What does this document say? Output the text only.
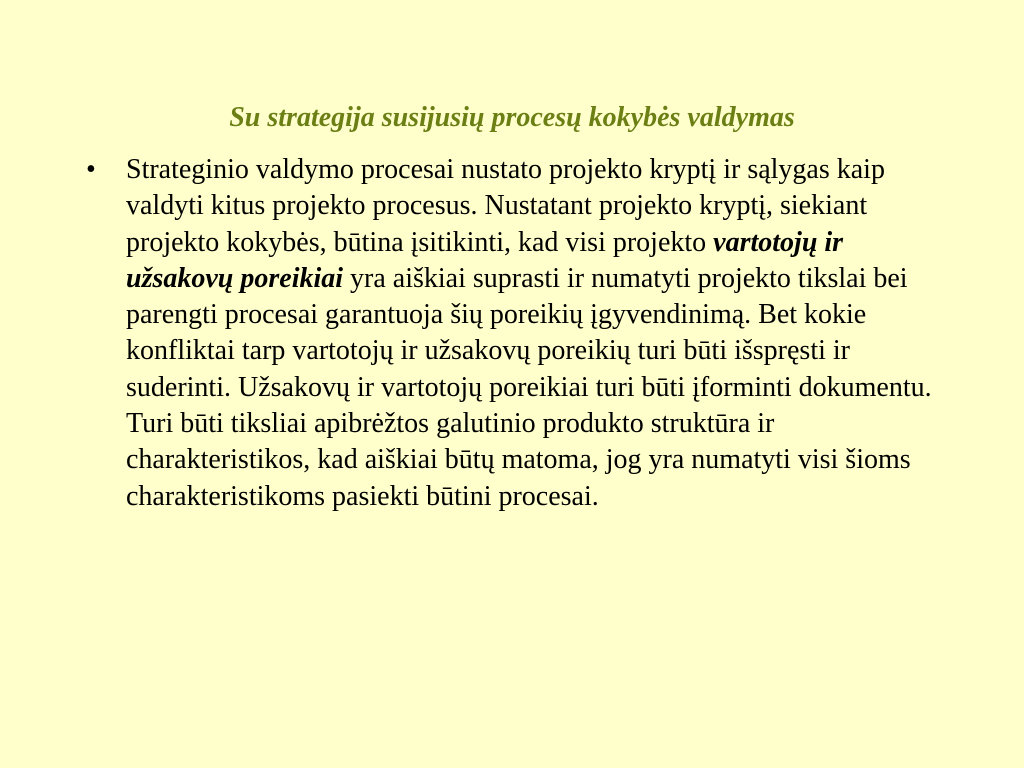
Su strategija susijusių procesų kokybės valdymas
• Strateginio valdymo procesai nustato projekto kryptį ir sąlygas kaip valdyti kitus projekto procesus. Nustatant projekto kryptį, siekiant projekto kokybės, būtina įsitikinti, kad visi projekto vartotojų ir užsakovų poreikiai yra aiškiai suprasti ir numatyti projekto tikslai bei parengti procesai garantuoja šių poreikių įgyvendinimą. Bet kokie konfliktai tarp vartotojų ir užsakovų poreikių turi būti išspręsti ir suderinti. Užsakovų ir vartotojų poreikiai turi būti įforminti dokumentu. Turi būti tiksliai apibrėžtos galutinio produkto struktūra ir charakteristikos, kad aiškiai būtų matoma, jog yra numatyti visi šioms charakteristikoms pasiekti būtini procesai.
